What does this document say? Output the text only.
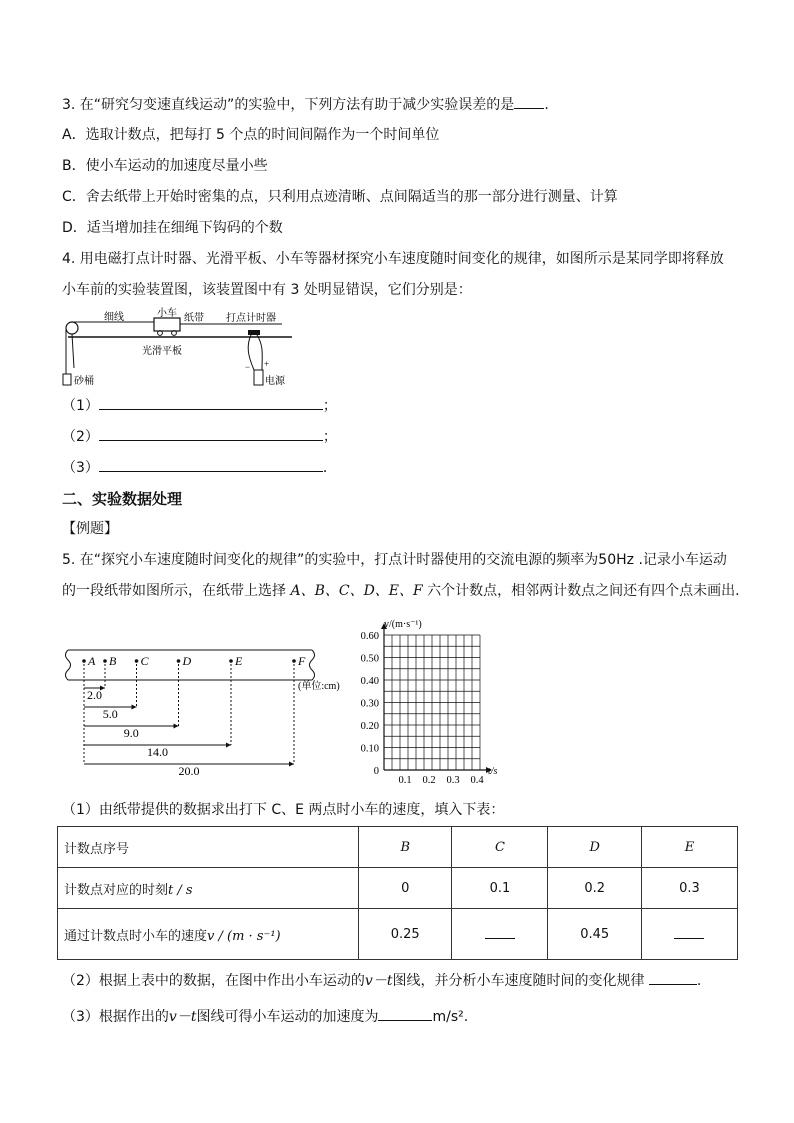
3. 在“研究匀变速直线运动”的实验中，下列方法有助于减少实验误差的是 .
A．选取计数点，把每打 5 个点的时间间隔作为一个时间单位
B．使小车运动的加速度尽量小些
C．舍去纸带上开始时密集的点，只利用点迹清晰、点间隔适当的那一部分进行测量、计算
D．适当增加挂在细绳下钩码的个数
4. 用电磁打点计时器、光滑平板、小车等器材探究小车速度随时间变化的规律，如图所示是某同学即将释放
小车前的实验装置图，该装置图中有 3 处明显错误，它们分别是：
细线	小车 纸带 打点计时器
光滑平板
砂桶	电源
− +
（1）	；
（2）	；
（3）	．
二、实验数据处理
【例题】
5. 在“探究小车速度随时间变化的规律”的实验中，打点计时器使用的交流电源的频率为50Hz .记录小车运动
的一段纸带如图所示，在纸带上选择 A、B、C、D、E、F 六个计数点，相邻两计数点之间还有四个点未画出.
A B C	D	E	F
2.0
5.0
9.0
14.0
20.0
(单位:cm)
0.60
0.50
0.40
0.30
0.20
0.10
0
0.1 0.2 0.3 0.4
v/(m·s⁻¹)
t/s
（1）由纸带提供的数据求出打下 C、E 两点时小车的速度，填入下表：
计数点序号	B	C	D	E
计数点对应的时刻t / s	0	0.1	0.2	0.3
通过计数点时小车的速度v / (m · s⁻¹)	0.25		0.45	
（2）根据上表中的数据，在图中作出小车运动的v－t图线，并分析小车速度随时间的变化规律	.
（3）根据作出的v－t图线可得小车运动的加速度为	m/s².
